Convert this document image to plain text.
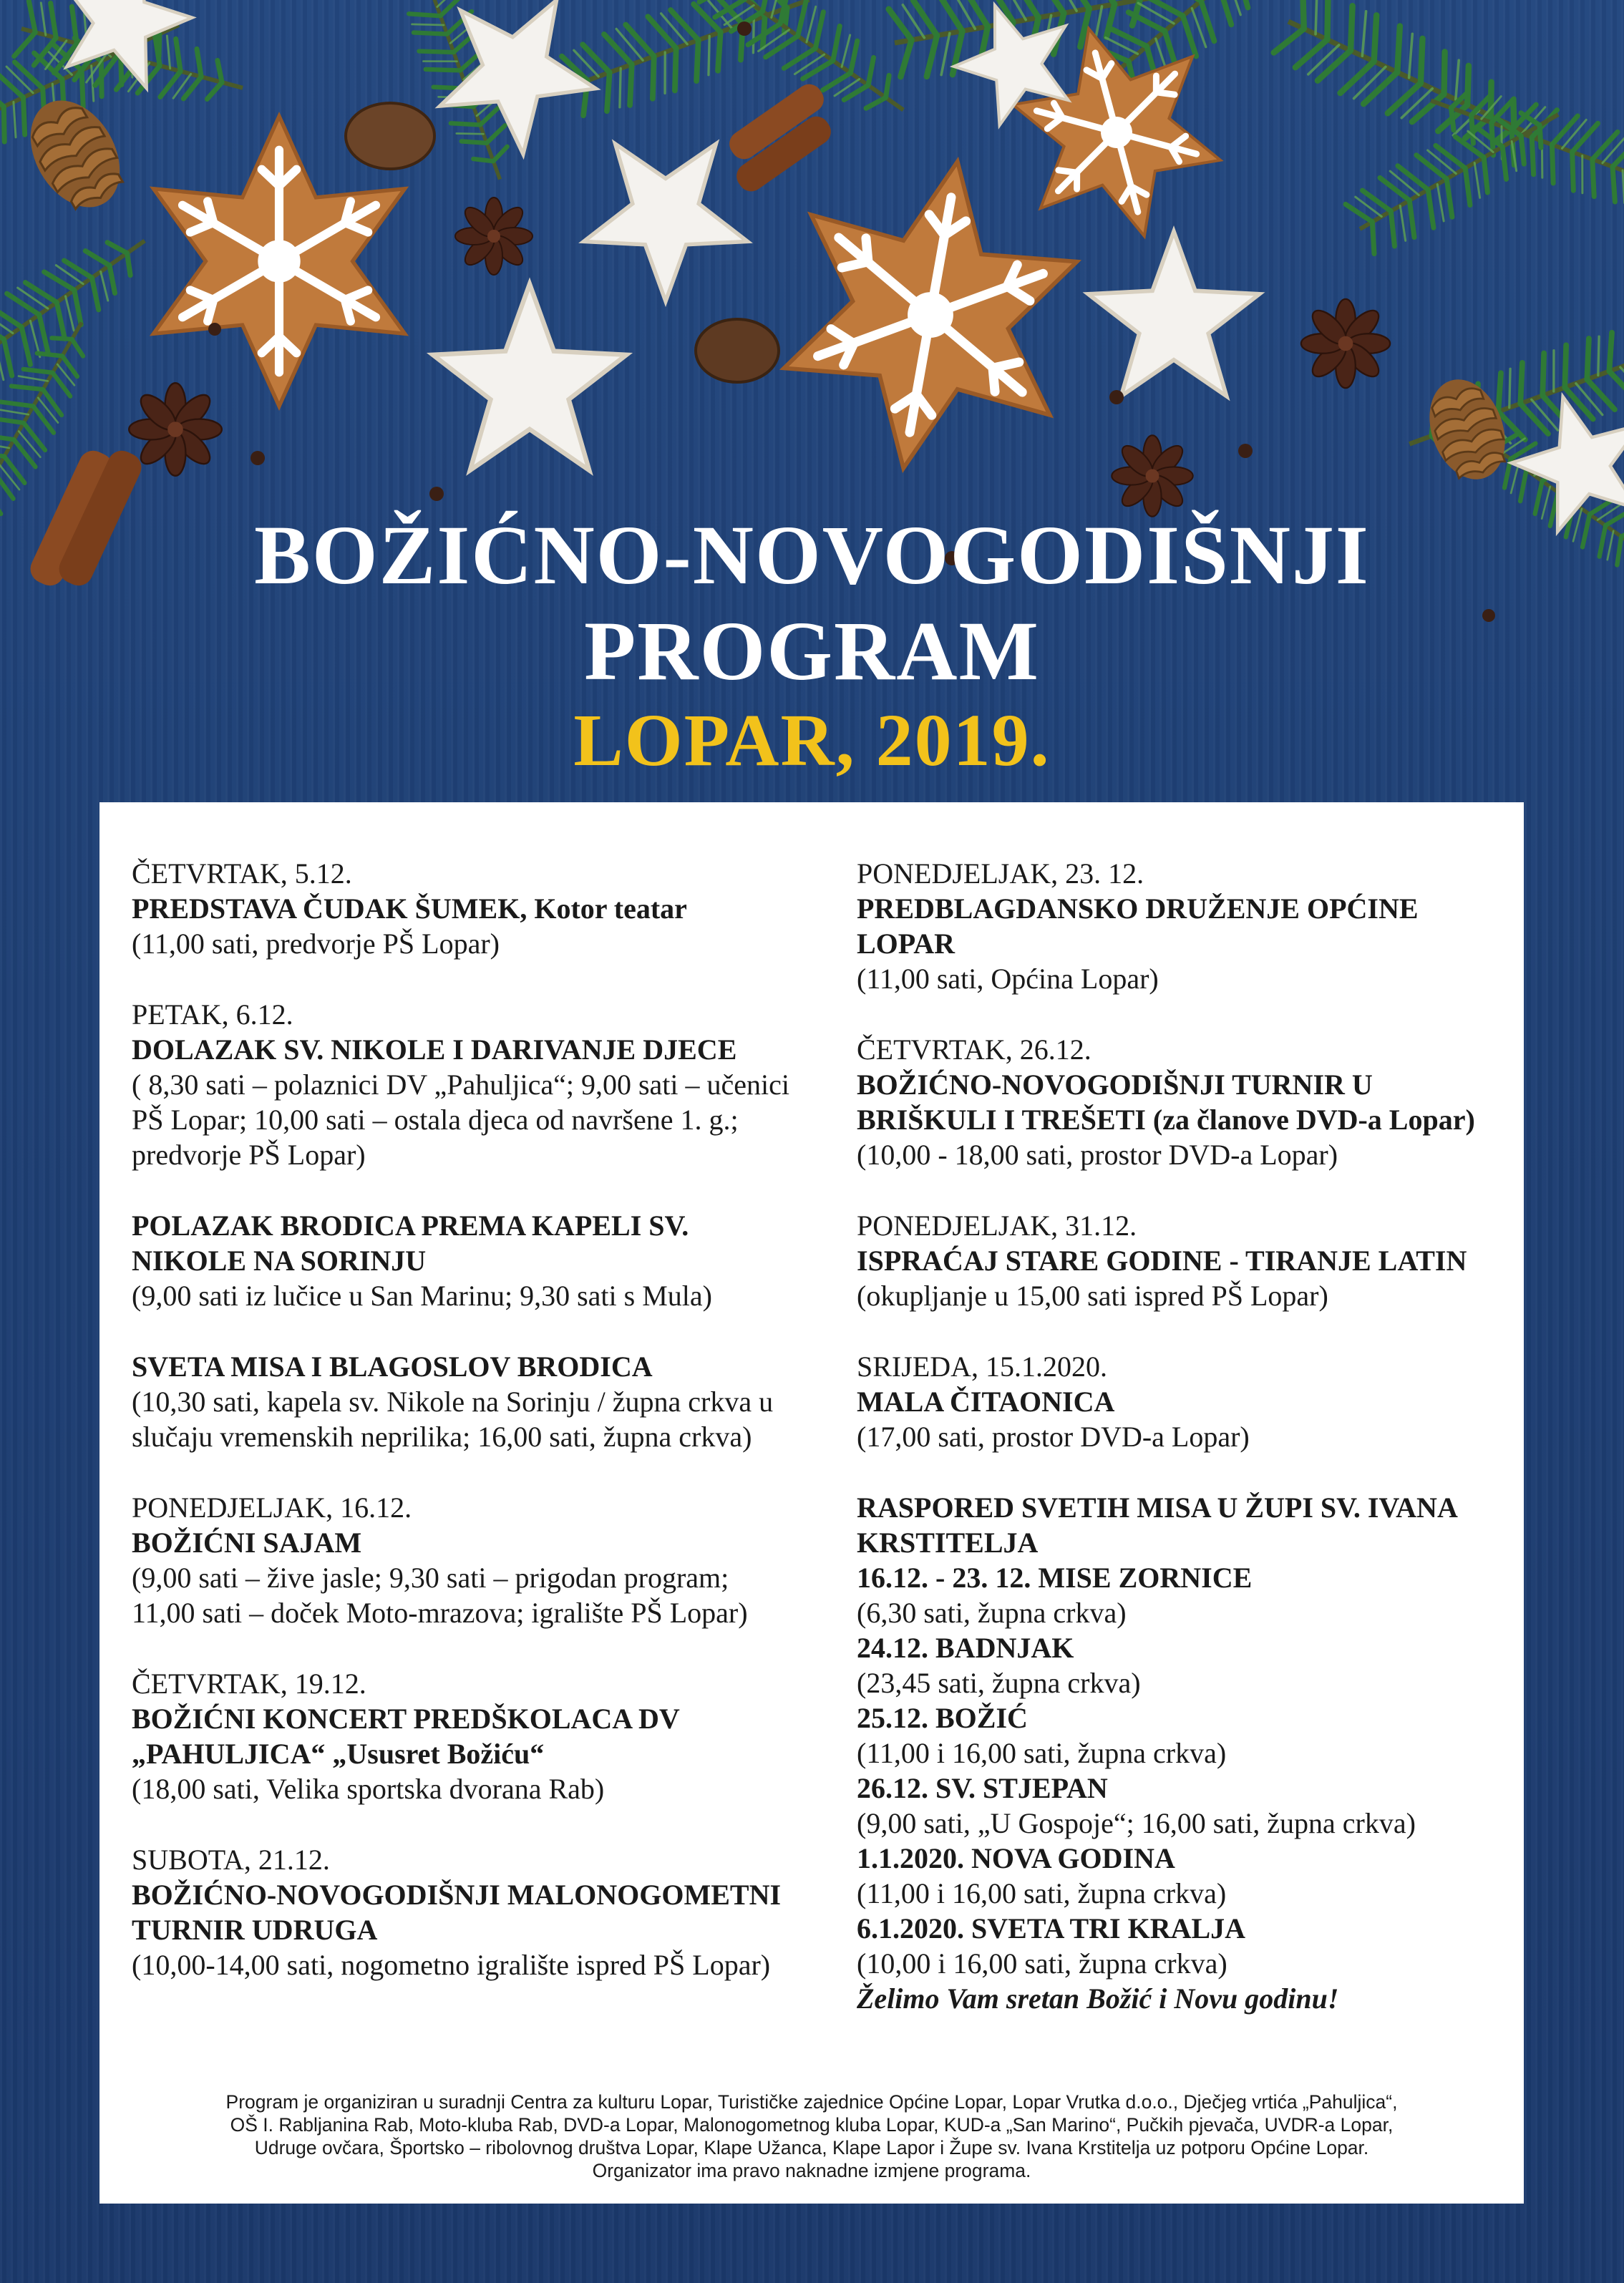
BOŽIĆNO-NOVOGODIŠNJI
PROGRAM
LOPAR, 2019.

ČETVRTAK, 5.12.

PREDSTAVA ČUDAK ŠUMEK, Kotor teatar

(11,00 sati, predvorje PŠ Lopar)

PETAK, 6.12.

DOLAZAK SV. NIKOLE I DARIVANJE DJECE

( 8,30 sati – polaznici DV „Pahuljica“; 9,00 sati – učenici PŠ Lopar; 10,00 sati – ostala djeca od navršene 1. g.; predvorje PŠ Lopar)

POLAZAK BRODICA PREMA KAPELI SV. NIKOLE NA SORINJU

(9,00 sati iz lučice u San Marinu; 9,30 sati s Mula)

SVETA MISA I BLAGOSLOV BRODICA

(10,30 sati, kapela sv. Nikole na Sorinju / župna crkva u slučaju vremenskih neprilika; 16,00 sati, župna crkva)

PONEDJELJAK, 16.12.

BOŽIĆNI SAJAM

(9,00 sati – žive jasle; 9,30 sati – prigodan program; 11,00 sati – doček Moto-mrazova; igralište PŠ Lopar)

ČETVRTAK, 19.12.

BOŽIĆNI KONCERT PREDŠKOLACA DV „PAHULJICA“ „Ususret Božiću“

(18,00 sati, Velika sportska dvorana Rab)

SUBOTA, 21.12.

BOŽIĆNO-NOVOGODIŠNJI MALONOGOMETNI TURNIR UDRUGA

(10,00-14,00 sati, nogometno igralište ispred PŠ Lopar)

PONEDJELJAK, 23. 12.

PREDBLAGDANSKO DRUŽENJE OPĆINE LOPAR

(11,00 sati, Općina Lopar)

ČETVRTAK, 26.12.

BOŽIĆNO-NOVOGODIŠNJI TURNIR U BRIŠKULI I TREŠETI (za članove DVD-a Lopar)

(10,00 - 18,00 sati, prostor DVD-a Lopar)

PONEDJELJAK, 31.12.

ISPRAĆAJ STARE GODINE - TIRANJE LATIN

(okupljanje u 15,00 sati ispred PŠ Lopar)

SRIJEDA, 15.1.2020.

MALA ČITAONICA

(17,00 sati, prostor DVD-a Lopar)

RASPORED SVETIH MISA U ŽUPI SV. IVANA KRSTITELJA

16.12. - 23. 12. MISE ZORNICE

(6,30 sati, župna crkva)

24.12. BADNJAK

(23,45 sati, župna crkva)

25.12. BOŽIĆ

(11,00 i 16,00 sati, župna crkva)

26.12. SV. STJEPAN

(9,00 sati, „U Gospoje“; 16,00 sati, župna crkva)

1.1.2020. NOVA GODINA

(11,00 i 16,00 sati, župna crkva)

6.1.2020. SVETA TRI KRALJA

(10,00 i 16,00 sati, župna crkva)

Želimo Vam sretan Božić i Novu godinu!

Program je organiziran u suradnji Centra za kulturu Lopar, Turističke zajednice Općine Lopar, Lopar Vrutka d.o.o., Dječjeg vrtića „Pahuljica“,

OŠ I. Rabljanina Rab, Moto-kluba Rab, DVD-a Lopar, Malonogometnog kluba Lopar, KUD-a „San Marino“, Pučkih pjevača, UVDR-a Lopar,

Udruge ovčara, Športsko – ribolovnog društva Lopar, Klape Užanca, Klape Lapor i Župe sv. Ivana Krstitelja uz potporu Općine Lopar.

Organizator ima pravo naknadne izmjene programa.
